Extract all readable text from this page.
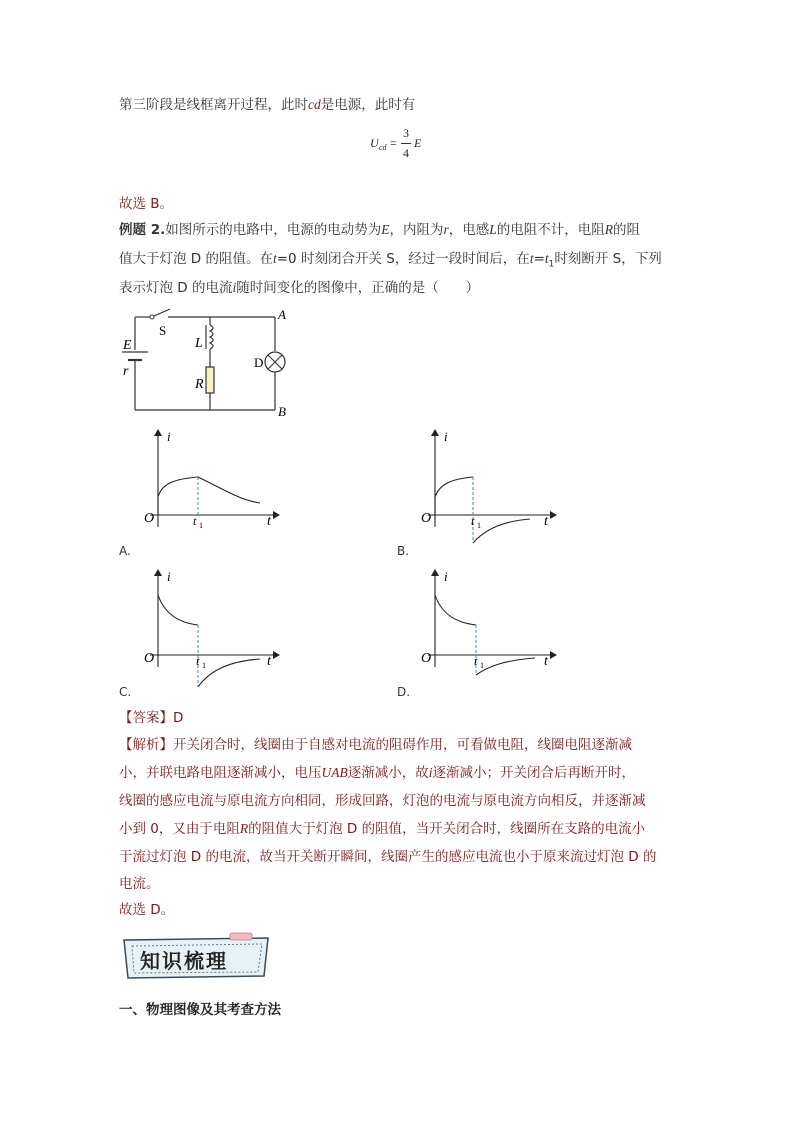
第三阶段是线框离开过程，此时cd是电源，此时有
U cd =
3
4
E
故选 B。
例题 2.如图所示的电路中，电源的电动势为E，内阻为r，电感L的电阻不计，电阻R的阻
值大于灯泡 D 的阻值。在t=0 时刻闭合开关 S，经过一段时间后，在$t=t_1$时刻断开 S，下列
表示灯泡 D 的电流i随时间变化的图像中，正确的是（　　）
S
A
B
E
r
L
R
D
i
t
O	t 1
A.
i
t
O	t 1
B.
i
t
O	t 1
C.
i
t
O	t 1
D.
【答案】D
【解析】开关闭合时，线圈由于自感对电流的阻碍作用，可看做电阻，线圈电阻逐渐减
小，并联电路电阻逐渐减小，电压UAB逐渐减小，故i逐渐减小；开关闭合后再断开时，
线圈的感应电流与原电流方向相同，形成回路，灯泡的电流与原电流方向相反，并逐渐减
小到 0，又由于电阻R的阻值大于灯泡 D 的阻值，当开关闭合时，线圈所在支路的电流小
于流过灯泡 D 的电流，故当开关断开瞬间，线圈产生的感应电流也小于原来流过灯泡 D 的
电流。
故选 D。
知识梳理
一、物理图像及其考查方法
